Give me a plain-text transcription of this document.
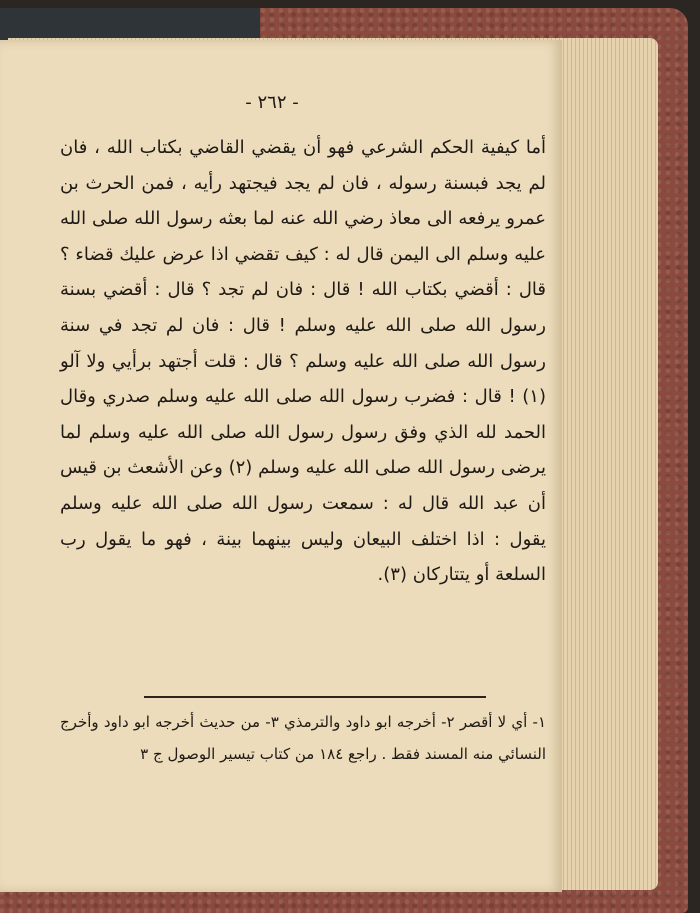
- ٢٦٢ -

أما كيفية الحكم الشرعي فهو أن يقضي القاضي بكتاب الله ، فان لم يجد فبسنة رسوله ، فان لم يجد فيجتهد رأيه ، فمن الحرث بن عمرو يرفعه الى معاذ رضي الله عنه لما بعثه رسول الله صلى الله عليه وسلم الى اليمن قال له : كيف تقضي اذا عرض عليك قضاء ؟ قال : أقضي بكتاب الله ! قال : فان لم تجد ؟ قال : أقضي بسنة رسول الله صلى الله عليه وسلم ! قال : فان لم تجد في سنة رسول الله صلى الله عليه وسلم ؟ قال : قلت أجتهد برأيي ولا آلو (١) ! قال : فضرب رسول الله صلى الله عليه وسلم صدري وقال الحمد لله الذي وفق رسول رسول الله صلى الله عليه وسلم لما يرضى رسول الله صلى الله عليه وسلم (٢) وعن الأشعث بن قيس أن عبد الله قال له : سمعت رسول الله صلى الله عليه وسلم يقول : اذا اختلف البيعان وليس بينهما بينة ، فهو ما يقول رب السلعة أو يتتاركان (٣).

١- أي لا أقصر ٢- أخرجه ابو داود والترمذي ٣- من حديث أخرجه ابو داود وأخرج النسائي منه المسند فقط . راجع ١٨٤ من كتاب تيسير الوصول ج ٣
